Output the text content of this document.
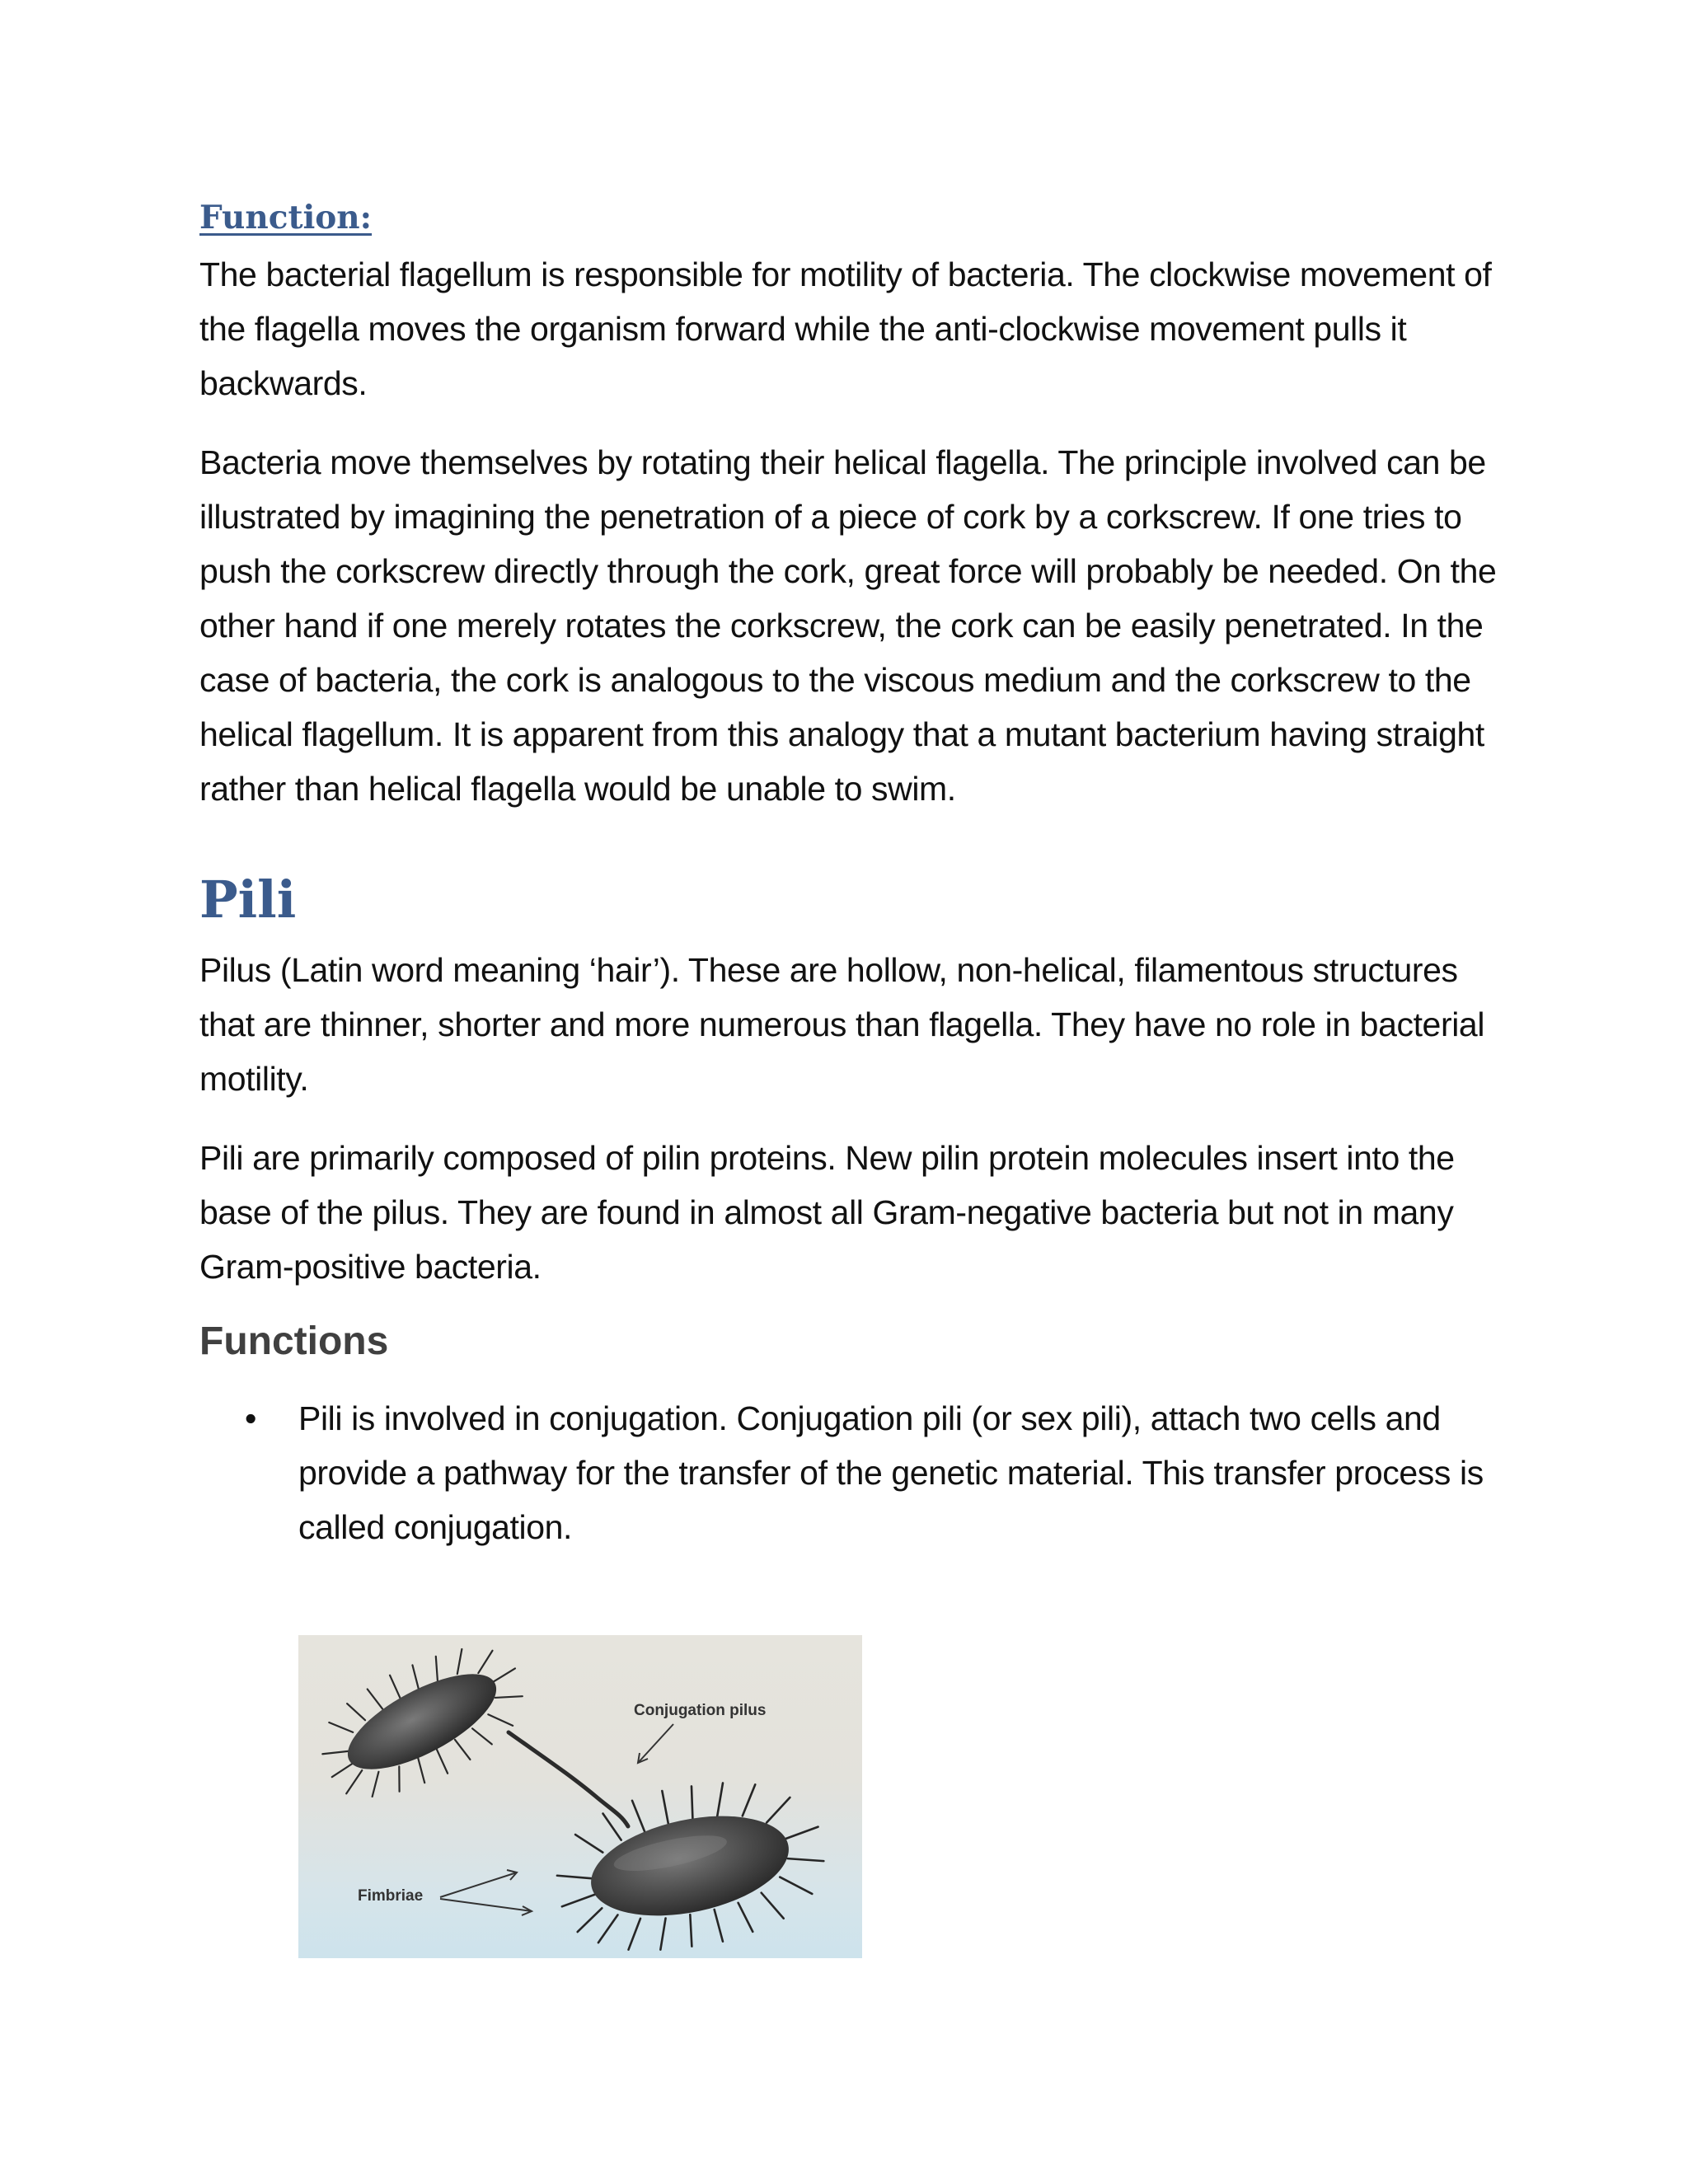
Function:

The bacterial flagellum is responsible for motility of bacteria. The clockwise movement of the flagella moves the organism forward while the anti-clockwise movement pulls it backwards.

Bacteria move themselves by rotating their helical flagella. The principle involved can be illustrated by imagining the penetration of a piece of cork by a corkscrew. If one tries to push the corkscrew directly through the cork, great force will probably be needed. On the other hand if one merely rotates the corkscrew, the cork can be easily penetrated. In the case of bacteria, the cork is analogous to the viscous medium and the corkscrew to the helical flagellum. It is apparent from this analogy that a mutant bacterium having straight rather than helical flagella would be unable to swim.

Pili

Pilus (Latin word meaning ‘hair’). These are hollow, non-helical, filamentous structures that are thinner, shorter and more numerous than flagella. They have no role in bacterial motility.

Pili are primarily composed of pilin proteins. New pilin protein molecules insert into the base of the pilus. They are found in almost all Gram-negative bacteria but not in many Gram-positive bacteria.

Functions
• Pili is involved in conjugation. Conjugation pili (or sex pili), attach two cells and provide a pathway for the transfer of the genetic material. This transfer process is called conjugation.

Conjugation pilus
Fimbriae
